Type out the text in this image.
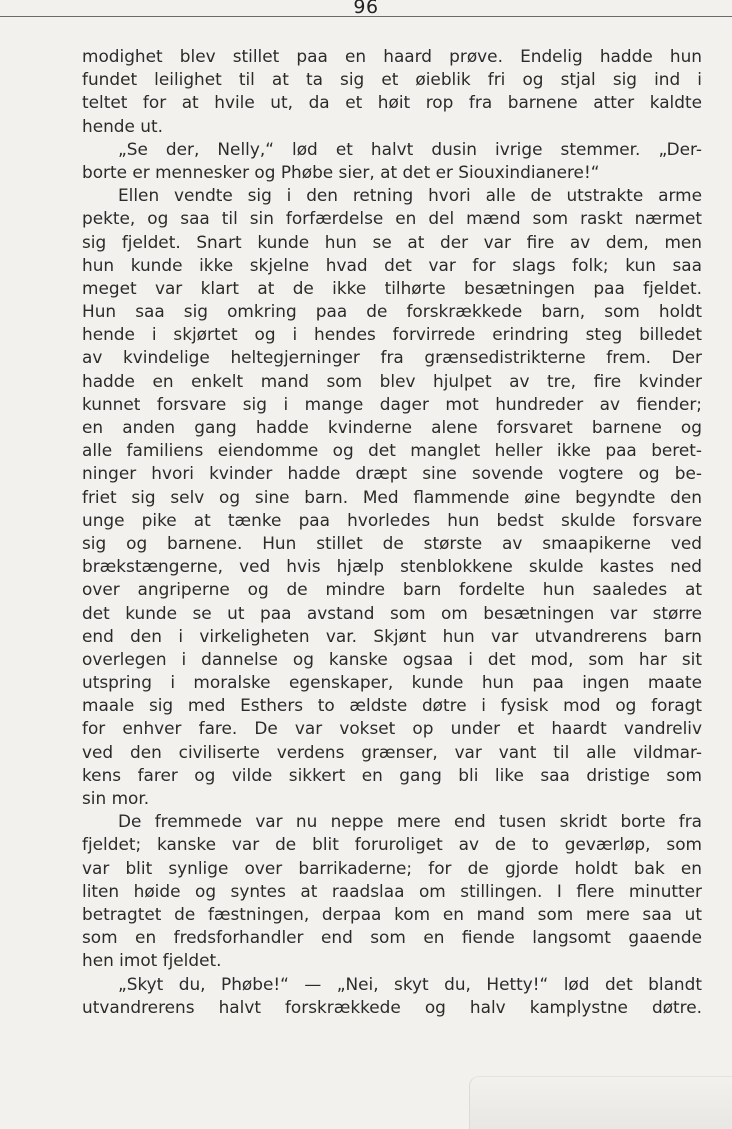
96
modighet blev stillet paa en haard prøve. Endelig hadde hun
fundet leilighet til at ta sig et øieblik fri og stjal sig ind i
teltet for at hvile ut, da et høit rop fra barnene atter kaldte
hende ut.
„Se der, Nelly,“ lød et halvt dusin ivrige stemmer. „Der-
borte er mennesker og Phøbe sier, at det er Siouxindianere!“
Ellen vendte sig i den retning hvori alle de utstrakte arme
pekte, og saa til sin forfærdelse en del mænd som raskt nærmet
sig fjeldet. Snart kunde hun se at der var fire av dem, men
hun kunde ikke skjelne hvad det var for slags folk; kun saa
meget var klart at de ikke tilhørte besætningen paa fjeldet.
Hun saa sig omkring paa de forskrækkede barn, som holdt
hende i skjørtet og i hendes forvirrede erindring steg billedet
av kvindelige heltegjerninger fra grænsedistrikterne frem. Der
hadde en enkelt mand som blev hjulpet av tre, fire kvinder
kunnet forsvare sig i mange dager mot hundreder av fiender;
en anden gang hadde kvinderne alene forsvaret barnene og
alle familiens eiendomme og det manglet heller ikke paa beret-
ninger hvori kvinder hadde dræpt sine sovende vogtere og be-
friet sig selv og sine barn. Med flammende øine begyndte den
unge pike at tænke paa hvorledes hun bedst skulde forsvare
sig og barnene. Hun stillet de største av smaapikerne ved
brækstængerne, ved hvis hjælp stenblokkene skulde kastes ned
over angriperne og de mindre barn fordelte hun saaledes at
det kunde se ut paa avstand som om besætningen var større
end den i virkeligheten var. Skjønt hun var utvandrerens barn
overlegen i dannelse og kanske ogsaa i det mod, som har sit
utspring i moralske egenskaper, kunde hun paa ingen maate
maale sig med Esthers to ældste døtre i fysisk mod og foragt
for enhver fare. De var vokset op under et haardt vandreliv
ved den civiliserte verdens grænser, var vant til alle vildmar-
kens farer og vilde sikkert en gang bli like saa dristige som
sin mor.
De fremmede var nu neppe mere end tusen skridt borte fra
fjeldet; kanske var de blit foruroliget av de to geværløp, som
var blit synlige over barrikaderne; for de gjorde holdt bak en
liten høide og syntes at raadslaa om stillingen. I flere minutter
betragtet de fæstningen, derpaa kom en mand som mere saa ut
som en fredsforhandler end som en fiende langsomt gaaende
hen imot fjeldet.
„Skyt du, Phøbe!“ — „Nei, skyt du, Hetty!“ lød det blandt
utvandrerens halvt forskrækkede og halv kamplystne døtre.
